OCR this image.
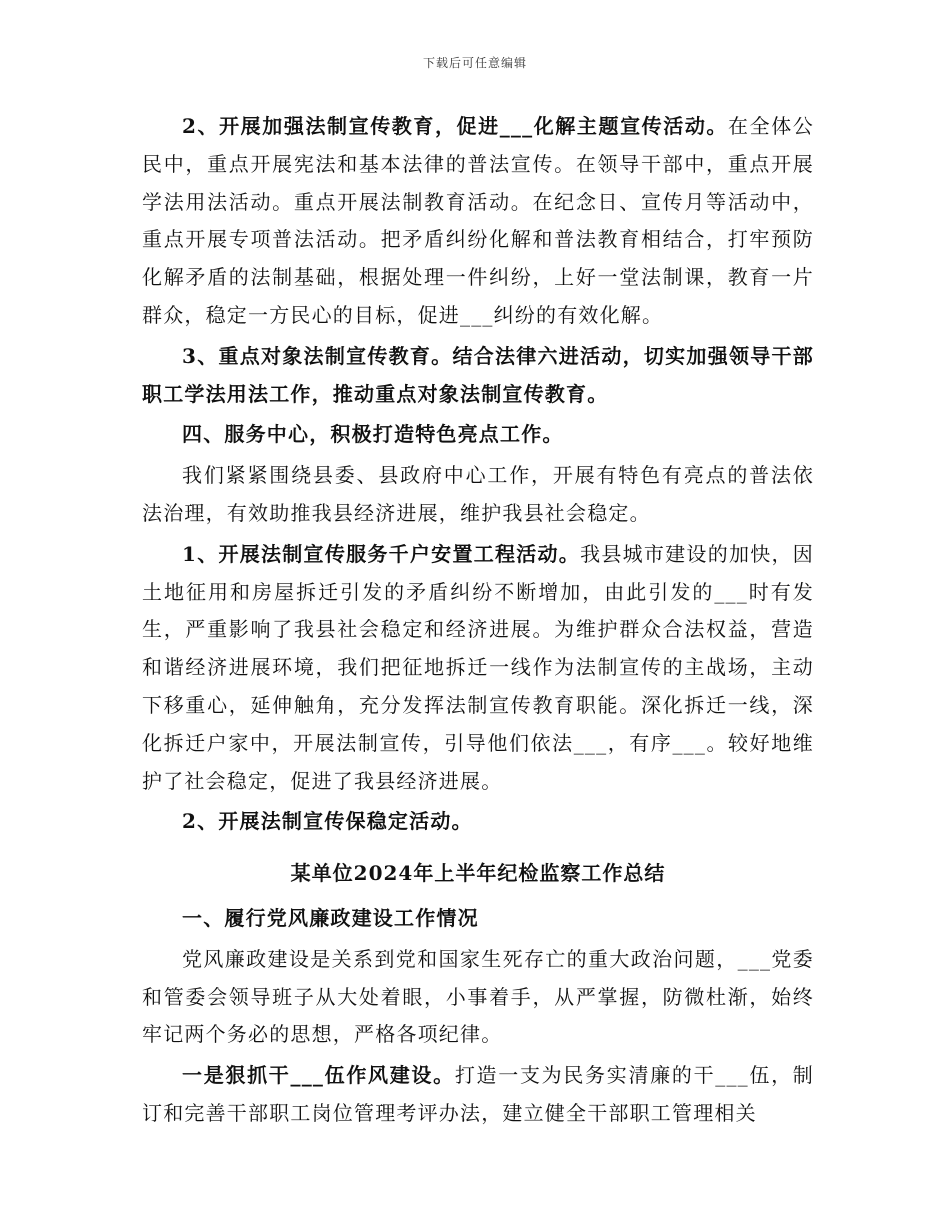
下载后可任意编辑

2、开展加强法制宣传教育，促进___化解主题宣传活动。在全体公民中，重点开展宪法和基本法律的普法宣传。在领导干部中，重点开展学法用法活动。重点开展法制教育活动。在纪念日、宣传月等活动中，重点开展专项普法活动。把矛盾纠纷化解和普法教育相结合，打牢预防化解矛盾的法制基础，根据处理一件纠纷，上好一堂法制课，教育一片群众，稳定一方民心的目标，促进___纠纷的有效化解。

3、重点对象法制宣传教育。结合法律六进活动，切实加强领导干部职工学法用法工作，推动重点对象法制宣传教育。

四、服务中心，积极打造特色亮点工作。

我们紧紧围绕县委、县政府中心工作，开展有特色有亮点的普法依法治理，有效助推我县经济进展，维护我县社会稳定。

1、开展法制宣传服务千户安置工程活动。我县城市建设的加快，因土地征用和房屋拆迁引发的矛盾纠纷不断增加，由此引发的___时有发生，严重影响了我县社会稳定和经济进展。为维护群众合法权益，营造和谐经济进展环境，我们把征地拆迁一线作为法制宣传的主战场，主动下移重心，延伸触角，充分发挥法制宣传教育职能。深化拆迁一线，深化拆迁户家中，开展法制宣传，引导他们依法___，有序___。较好地维护了社会稳定，促进了我县经济进展。

2、开展法制宣传保稳定活动。

某单位2024年上半年纪检监察工作总结

一、履行党风廉政建设工作情况

党风廉政建设是关系到党和国家生死存亡的重大政治问题，___党委和管委会领导班子从大处着眼，小事着手，从严掌握，防微杜渐，始终牢记两个务必的思想，严格各项纪律。

一是狠抓干___伍作风建设。打造一支为民务实清廉的干___伍，制订和完善干部职工岗位管理考评办法，建立健全干部职工管理相关
